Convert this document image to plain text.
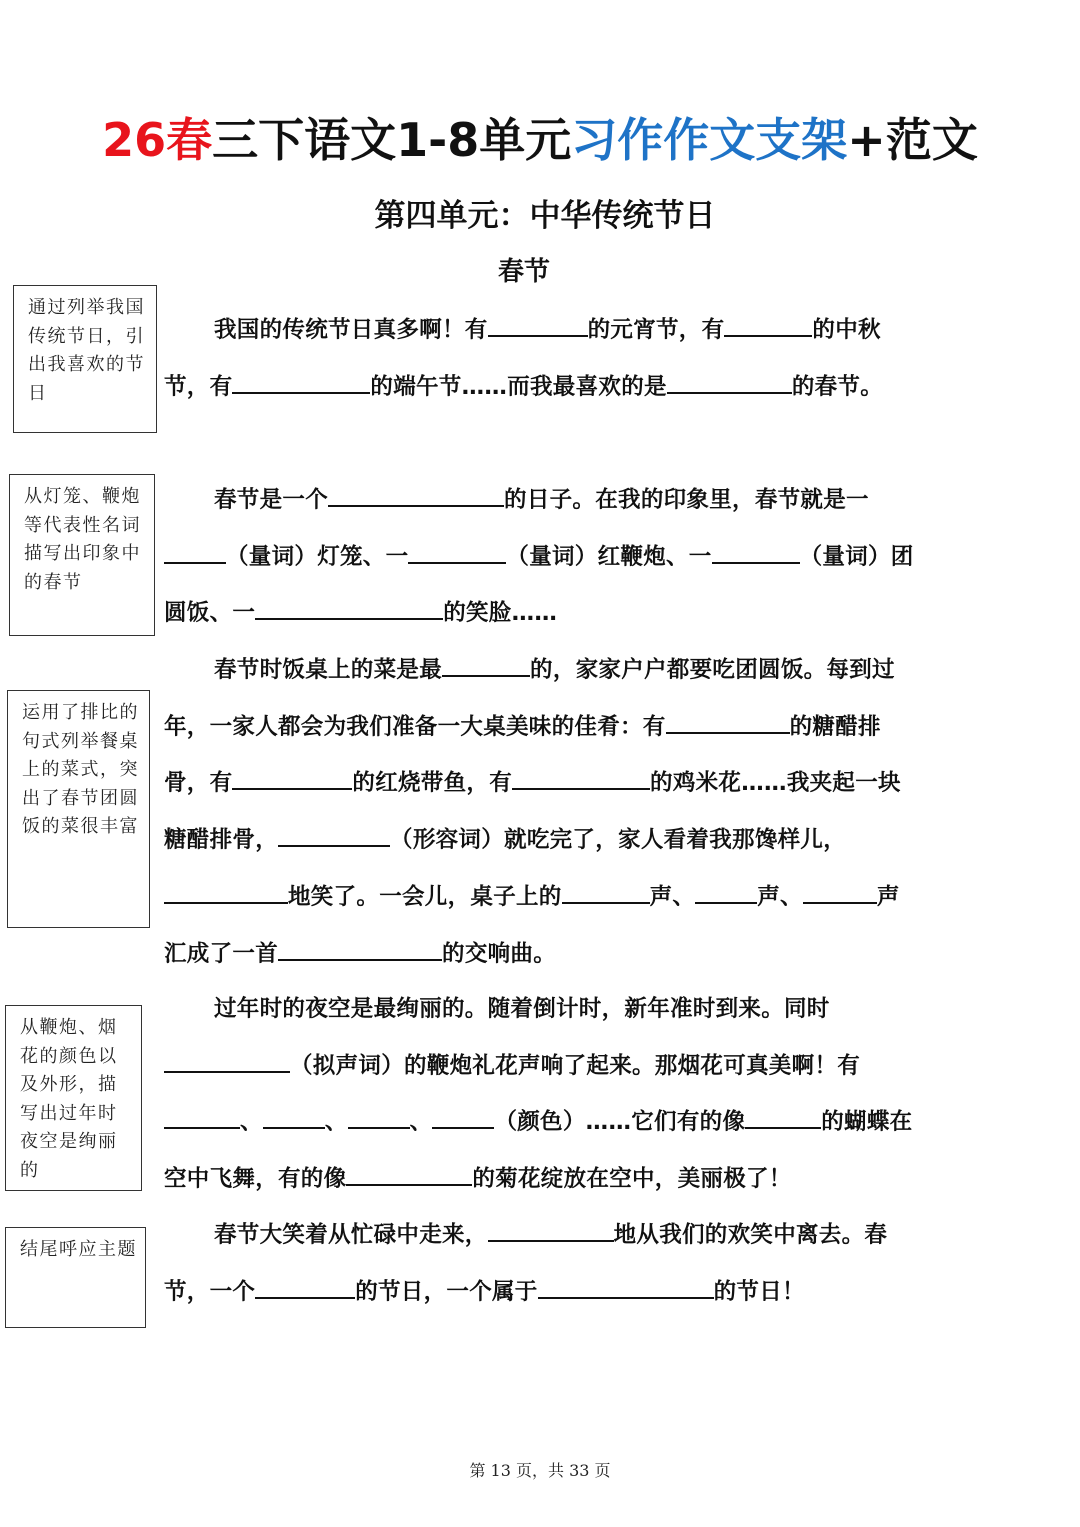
26春三下语文1-8单元习作作文支架+范文
第四单元：中华传统节日
春节
通过列举我国传统节日，引出我喜欢的节日
从灯笼、鞭炮等代表性名词描写出印象中的春节
运用了排比的句式列举餐桌上的菜式，突出了春节团圆饭的菜很丰富
从鞭炮、烟花的颜色以及外形，描写出过年时夜空是绚丽的
结尾呼应主题
我国的传统节日真多啊！有	的元宵节，有	的中秋节，有	的端午节……而我最喜欢的是	的春节。
春节是一个	的日子。在我的印象里，春节就是一（量词）灯笼、一	（量词）红鞭炮、一	（量词）团圆饭、一	的笑脸……
春节时饭桌上的菜是最	的，家家户户都要吃团圆饭。每到过年，一家人都会为我们准备一大桌美味的佳肴：有	的糖醋排骨，有	的红烧带鱼，有	的鸡米花……我夹起一块糖醋排骨，	（形容词）就吃完了，家人看着我那馋样儿，地笑了。一会儿，桌子上的	声、	声、	声汇成了一首	的交响曲。
过年时的夜空是最绚丽的。随着倒计时，新年准时到来。同时（拟声词）的鞭炮礼花声响了起来。那烟花可真美啊！有、	、	、	（颜色）……它们有的像	的蝴蝶在空中飞舞，有的像	的菊花绽放在空中，美丽极了！
春节大笑着从忙碌中走来，	地从我们的欢笑中离去。春节，一个	的节日，一个属于	的节日！
第 13 页，共 33 页
